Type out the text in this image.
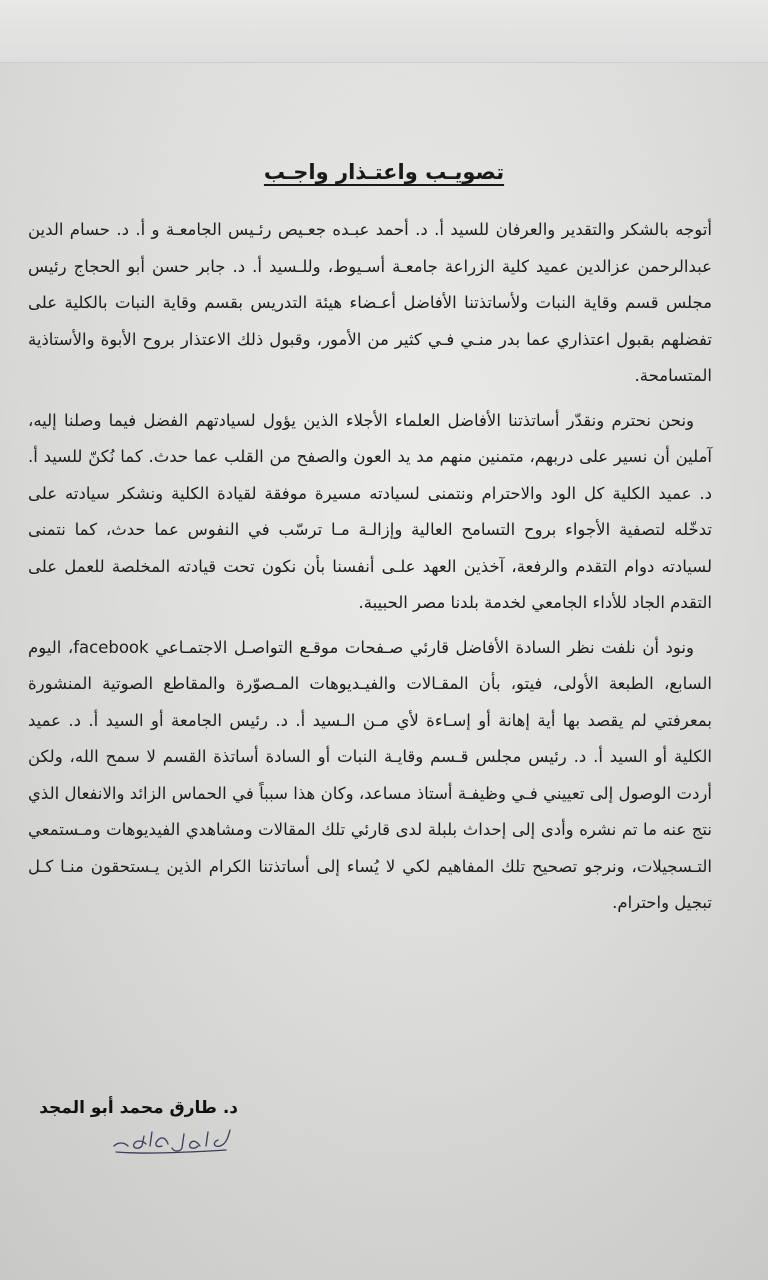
تصويـب واعتـذار واجـب

أتوجه بالشكر والتقدير والعرفان للسيد أ. د. أحمد عبـده جعـيص رئـيس الجامعـة و أ. د. حسام الدين عبدالرحمن عزالدين عميد كلية الزراعة جامعـة أسـيوط، وللـسيد أ. د. جابر حسن أبو الحجاج رئيس مجلس قسم وقاية النبات ولأساتذتنا الأفاضل أعـضاء هيئة التدريس بقسم وقاية النبات بالكلية على تفضلهم بقبول اعتذاري عما بدر منـي فـي كثير من الأمور، وقبول ذلك الاعتذار بروح الأبوة والأستاذية المتسامحة.

ونحن نحترم ونقدّر أساتذتنا الأفاضل العلماء الأجلاء الذين يؤول لسيادتهم الفضل فيما وصلنا إليه، آملين أن نسير على دربهم، متمنين منهم مد يد العون والصفح من القلب عما حدث. كما نُكنّ للسيد أ. د. عميد الكلية كل الود والاحترام ونتمنى لسيادته مسيرة موفقة لقيادة الكلية ونشكر سيادته على تدخّله لتصفية الأجواء بروح التسامح العالية وإزالـة مـا ترسّب في النفوس عما حدث، كما نتمنى لسيادته دوام التقدم والرفعة، آخذين العهد علـى أنفسنا بأن نكون تحت قيادته المخلصة للعمل على التقدم الجاد للأداء الجامعي لخدمة بلدنا مصر الحبيبة.

ونود أن نلفت نظر السادة الأفاضل قارئي صـفحات موقـع التواصـل الاجتمـاعي facebook، اليوم السابع، الطبعة الأولى، فيتو، بأن المقـالات والفيـديوهات المـصوّرة والمقاطع الصوتية المنشورة بمعرفتي لم يقصد بها أية إهانة أو إسـاءة لأي مـن الـسيد أ. د. رئيس الجامعة أو السيد أ. د. عميد الكلية أو السيد أ. د. رئيس مجلس قـسم وقايـة النبات أو السادة أساتذة القسم لا سمح الله، ولكن أردت الوصول إلى تعييني فـي وظيفـة أستاذ مساعد، وكان هذا سبباً في الحماس الزائد والانفعال الذي نتج عنه ما تم نشره وأدى إلى إحداث بلبلة لدى قارئي تلك المقالات ومشاهدي الفيديوهات ومـستمعي التـسجيلات، ونرجو تصحيح تلك المفاهيم لكي لا يُساء إلى أساتذتنا الكرام الذين يـستحقون منـا كـل تبجيل واحترام.

د. طارق محمد أبو المجد
